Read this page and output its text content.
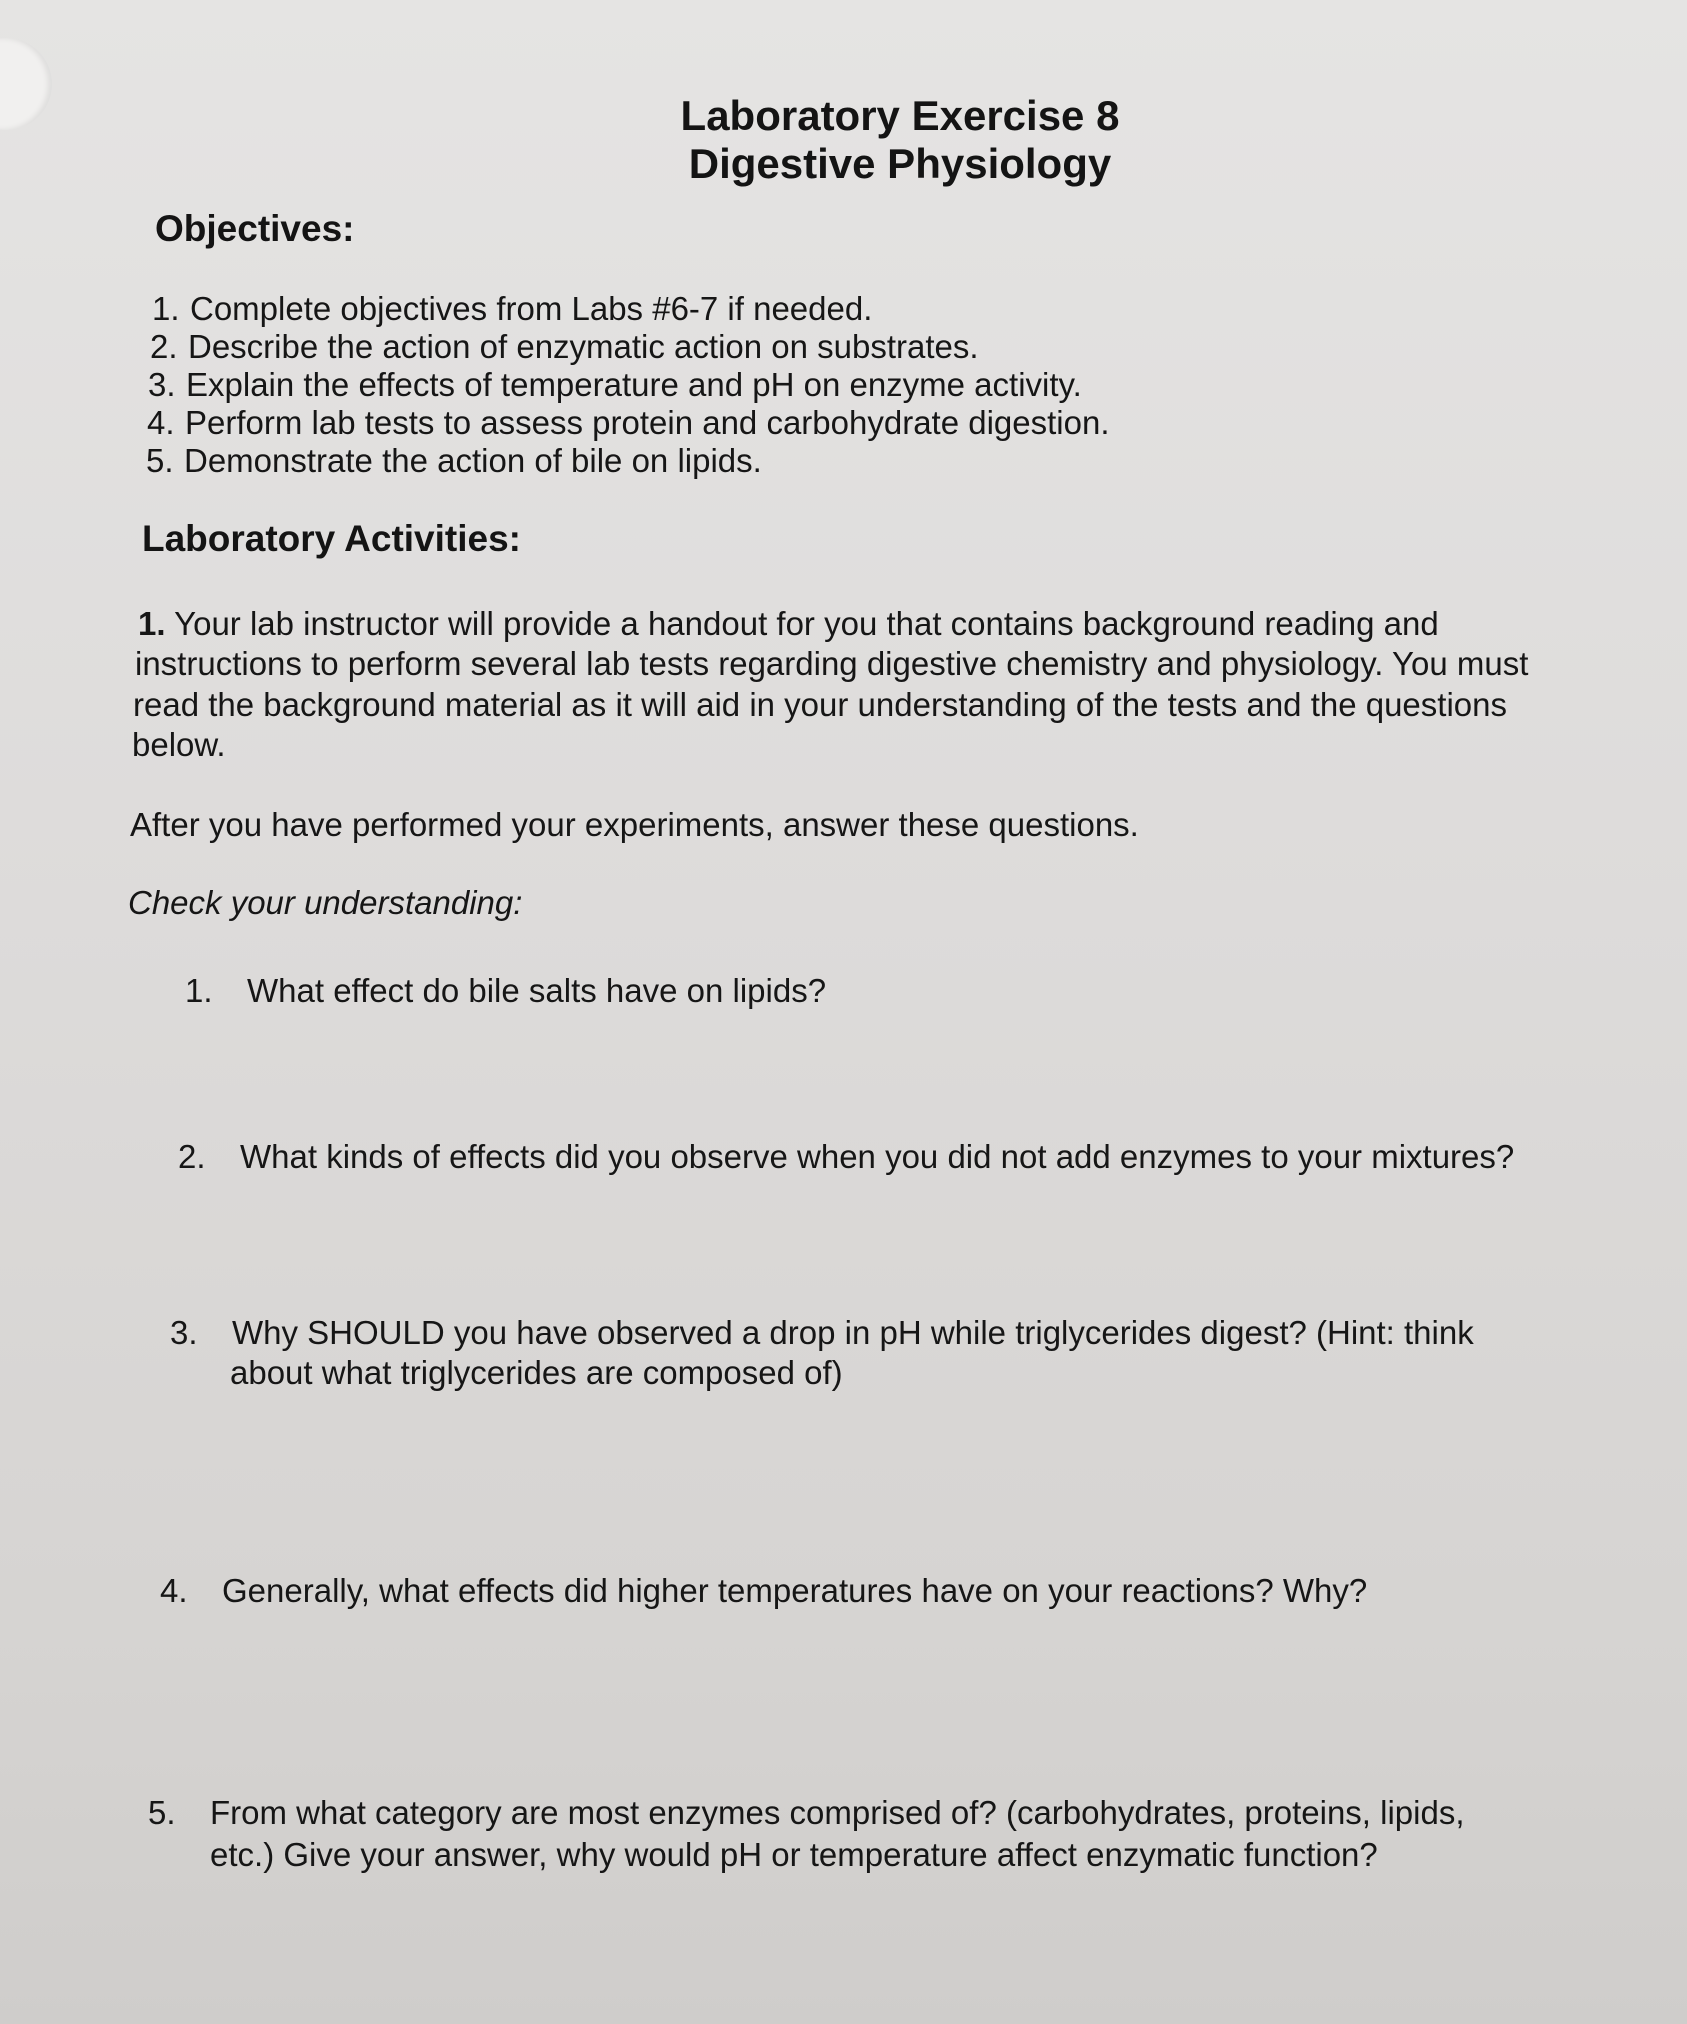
Laboratory Exercise 8
Digestive Physiology
Objectives:
1. Complete objectives from Labs #6-7 if needed.
2. Describe the action of enzymatic action on substrates.
3. Explain the effects of temperature and pH on enzyme activity.
4. Perform lab tests to assess protein and carbohydrate digestion.
5. Demonstrate the action of bile on lipids.
Laboratory Activities:
1. Your lab instructor will provide a handout for you that contains background reading and
instructions to perform several lab tests regarding digestive chemistry and physiology. You must
read the background material as it will aid in your understanding of the tests and the questions
below.
After you have performed your experiments, answer these questions.
Check your understanding:
1. What effect do bile salts have on lipids?
2. What kinds of effects did you observe when you did not add enzymes to your mixtures?
3. Why SHOULD you have observed a drop in pH while triglycerides digest? (Hint: think
about what triglycerides are composed of)
4. Generally, what effects did higher temperatures have on your reactions? Why?
5. From what category are most enzymes comprised of? (carbohydrates, proteins, lipids,
etc.) Give your answer, why would pH or temperature affect enzymatic function?
